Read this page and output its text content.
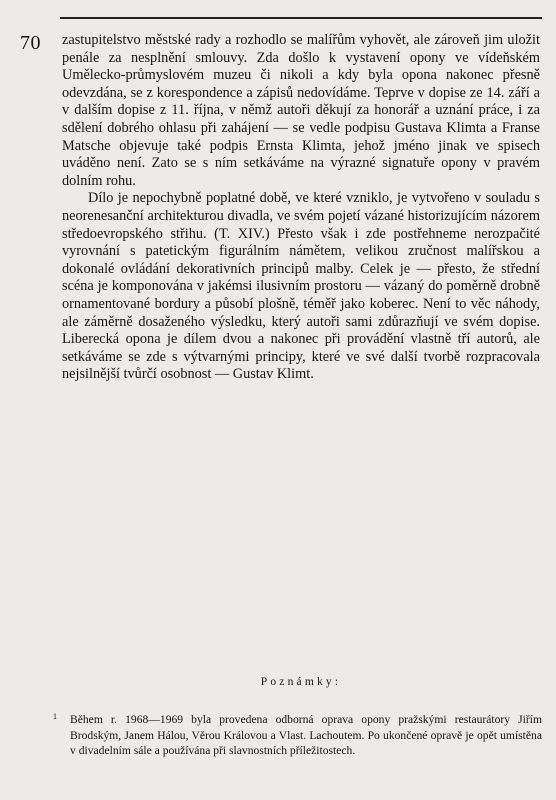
70 zastupitelstvo městské rady a rozhodlo se malířům vyhovět, ale zároveň jim uložit penále za nesplnění smlouvy. Zda došlo k vystavení opony ve vídeňském Umělecko-průmyslovém muzeu či nikoli a kdy byla opona nakonec přesně odevzdána, se z korespondence a zápisů nedovídáme. Teprve v dopise ze 14. září a v dalším dopise z 11. října, v němž autoři děkují za honorář a uznání práce, i za sdělení dobrého ohlasu při zahájení — se vedle podpisu Gustava Klimta a Franse Matsche objevuje také podpis Ernsta Klimta, jehož jméno jinak ve spisech uváděno není. Zato se s ním setkáváme na výrazné signatuře opony v pravém dolním rohu.

Dílo je nepochybně poplatné době, ve které vzniklo, je vytvořeno v souladu s neorenesanční architekturou divadla, ve svém pojetí vázané historizujícím názorem středoevropského střihu. (T. XIV.) Přesto však i zde postřehneme nerozpačité vyrovnání s patetickým figurálním námětem, velikou zručnost malířskou a dokonalé ovládání dekorativních principů malby. Celek je — přesto, že střední scéna je komponována v jakémsi ilusivním prostoru — vázaný do poměrně drobně ornamentované bordury a působí plošně, téměř jako koberec. Není to věc náhody, ale záměrně dosaženého výsledku, který autoři sami zdůrazňují ve svém dopise. Liberecká opona je dílem dvou a nakonec při provádění vlastně tří autorů, ale setkáváme se zde s výtvarnými principy, které ve své další tvorbě rozpracovala nejsilnější tvůrčí osobnost — Gustav Klimt.

Poznámky:
1	Během r. 1968—1969 byla provedena odborná oprava opony pražskými restaurátory Jiřím Brodským, Janem Hálou, Věrou Královou a Vlast. Lachoutem. Po ukončené opravě je opět umístěna v divadelním sále a používána při slavnostních příležitostech.
